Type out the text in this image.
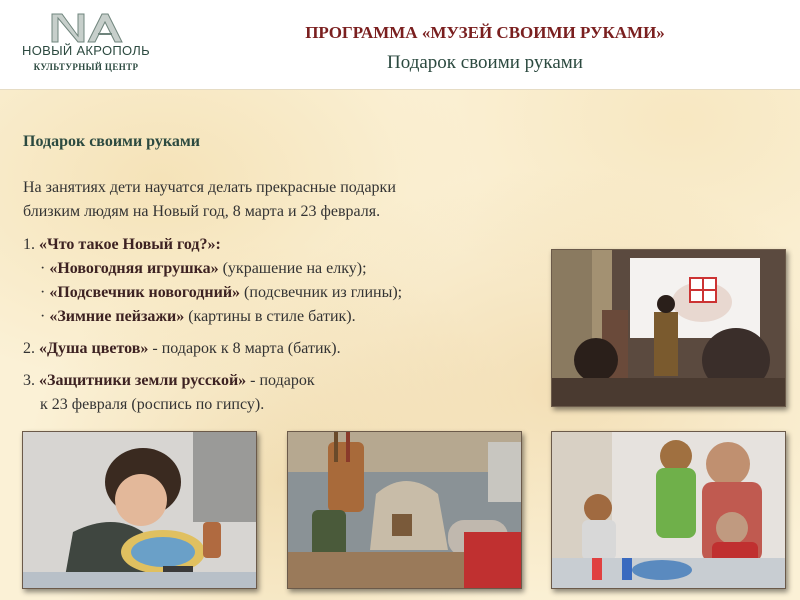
НОВЫЙ АКРОПОЛЬ
КУЛЬТУРНЫЙ ЦЕНТР
ПРОГРАММА «МУЗЕЙ СВОИМИ РУКАМИ»
Подарок своими руками
Подарок своими руками
На занятиях дети научатся делать прекрасные подарки
близким людям на Новый год, 8 марта и 23 февраля.
1. «Что такое Новый год?»:
· «Новогодняя игрушка» (украшение на елку);
· «Подсвечник новогодний» (подсвечник из глины);
· «Зимние пейзажи» (картины в стиле батик).
2. «Душа цветов» - подарок к 8 марта (батик).
3. «Защитники земли русской» - подарок
к 23 февраля (роспись по гипсу).
